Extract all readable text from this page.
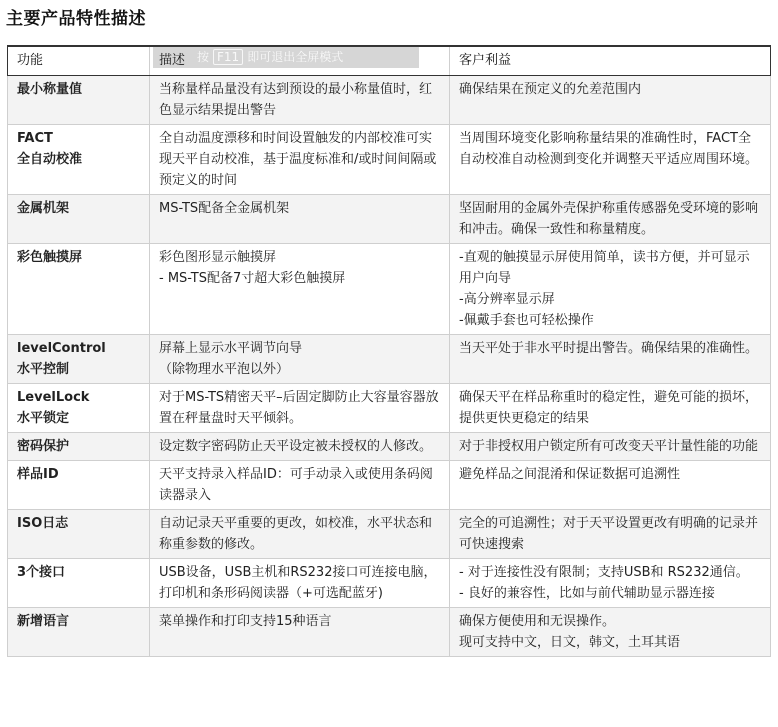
主要产品特性描述
功能	描述	客户利益

最小称量值	当称量样品量没有达到预设的最小称量值时，红色显示结果提出警告	确保结果在预定义的允差范围内

FACT
全自动校准	全自动温度漂移和时间设置触发的内部校准可实现天平自动校准，基于温度标准和/或时间间隔或预定义的时间	当周围环境变化影响称量结果的准确性时，FACT全自动校准自动检测到变化并调整天平适应周围环境。

金属机架	MS-TS配备全金属机架	坚固耐用的金属外壳保护称重传感器免受环境的影响和冲击。确保一致性和称量精度。

彩色触摸屏	彩色图形显示触摸屏
- MS-TS配备7寸超大彩色触摸屏	-直观的触摸显示屏使用简单，读书方便，并可显示用户向导
-高分辨率显示屏
-佩戴手套也可轻松操作

levelControl
水平控制	屏幕上显示水平调节向导
（除物理水平泡以外）	当天平处于非水平时提出警告。确保结果的准确性。

LevelLock
水平锁定	对于MS-TS精密天平–后固定脚防止大容量容器放置在秤量盘时天平倾斜。	确保天平在样品称重时的稳定性，避免可能的损坏，提供更快更稳定的结果

密码保护	设定数字密码防止天平设定被未授权的人修改。	对于非授权用户锁定所有可改变天平计量性能的功能

样品ID	天平支持录入样品ID：可手动录入或使用条码阅读器录入	避免样品之间混淆和保证数据可追溯性

ISO日志	自动记录天平重要的更改，如校准，水平状态和称重参数的修改。	完全的可追溯性；对于天平设置更改有明确的记录并可快速搜索

3个接口	USB设备，USB主机和RS232接口可连接电脑，打印机和条形码阅读器（+可选配蓝牙)	- 对于连接性没有限制；支持USB和 RS232通信。
- 良好的兼容性，比如与前代辅助显示器连接

新增语言	菜单操作和打印支持15种语言	确保方便使用和无误操作。
现可支持中文，日文，韩文，土耳其语
按 F11 即可退出全屏模式
